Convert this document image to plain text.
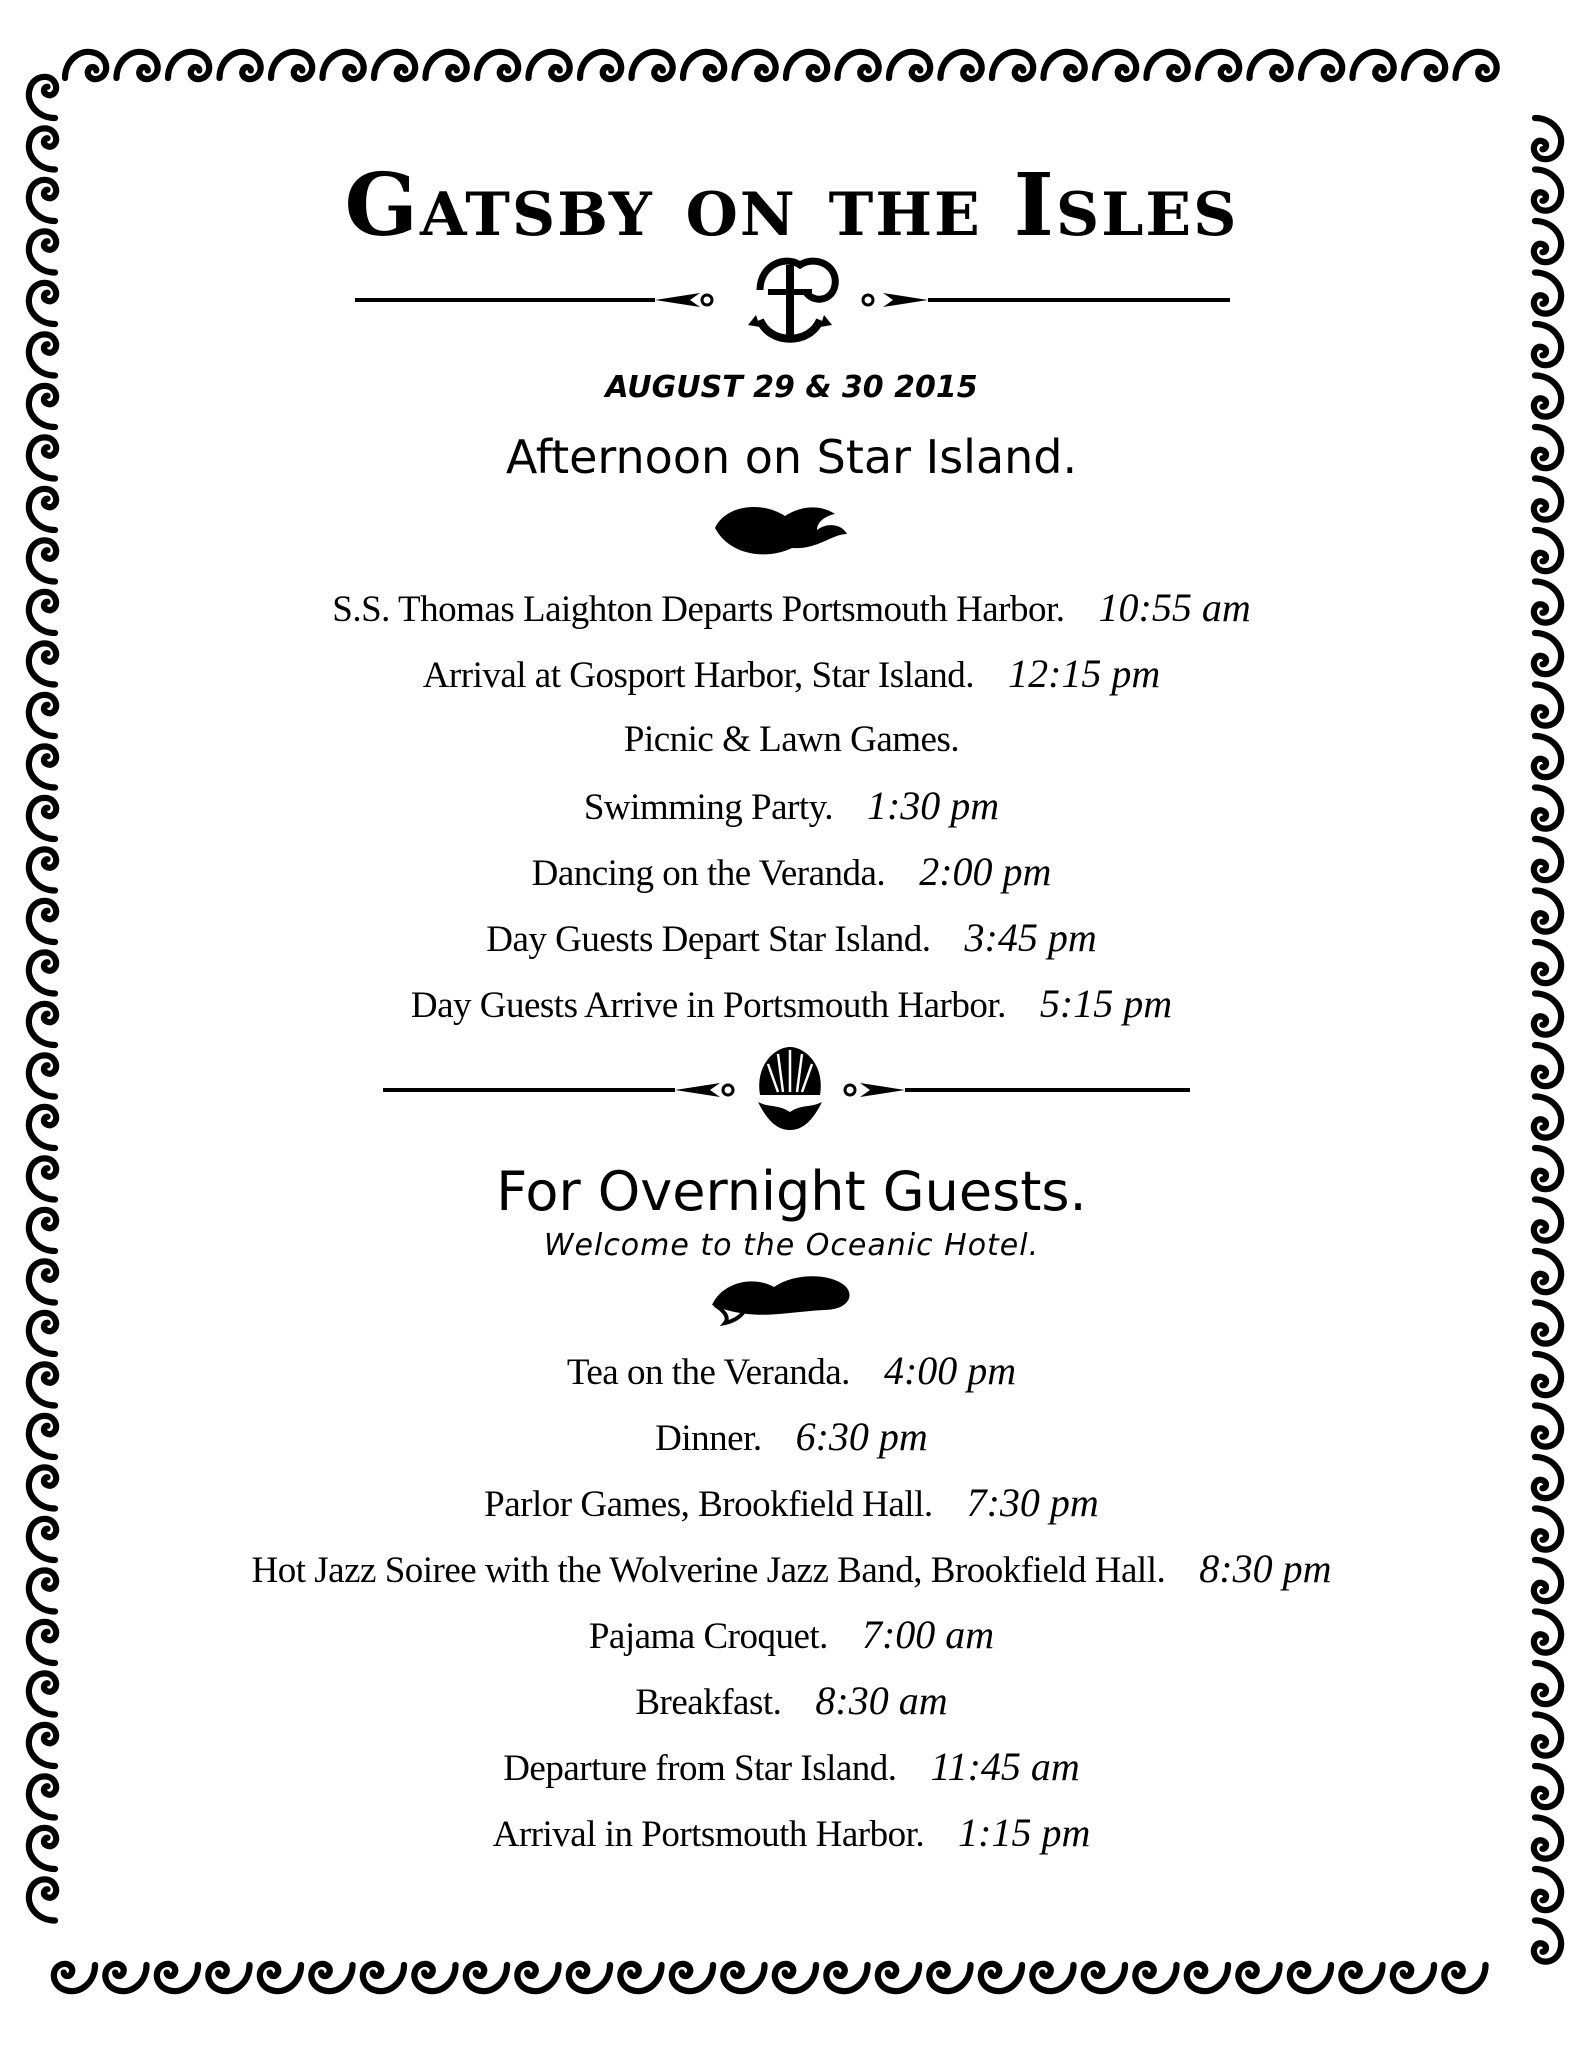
Gatsby on the Isles
AUGUST 29 & 30 2015
Afternoon on Star Island.
S.S. Thomas Laighton Departs Portsmouth Harbor. 10:55 am
Arrival at Gosport Harbor, Star Island. 12:15 pm
Picnic & Lawn Games.
Swimming Party. 1:30 pm
Dancing on the Veranda. 2:00 pm
Day Guests Depart Star Island. 3:45 pm
Day Guests Arrive in Portsmouth Harbor. 5:15 pm
For Overnight Guests.
Welcome to the Oceanic Hotel.
Tea on the Veranda. 4:00 pm
Dinner. 6:30 pm
Parlor Games, Brookfield Hall. 7:30 pm
Hot Jazz Soiree with the Wolverine Jazz Band, Brookfield Hall. 8:30 pm
Pajama Croquet. 7:00 am
Breakfast. 8:30 am
Departure from Star Island. 11:45 am
Arrival in Portsmouth Harbor. 1:15 pm
